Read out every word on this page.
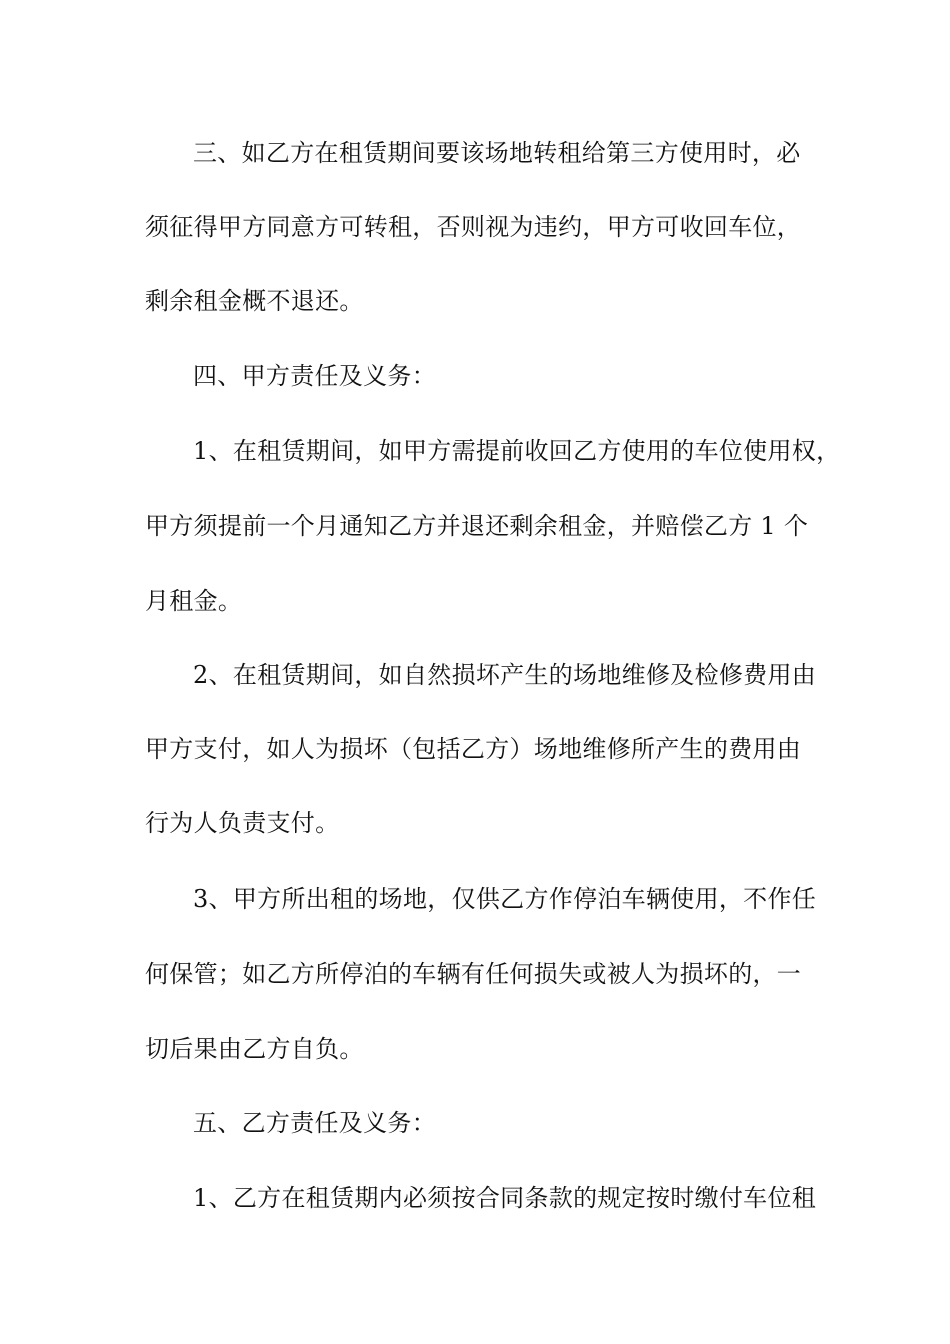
三、如乙方在租赁期间要该场地转租给第三方使用时，必
须征得甲方同意方可转租，否则视为违约，甲方可收回车位，
剩余租金概不退还。
四、甲方责任及义务：
1、在租赁期间，如甲方需提前收回乙方使用的车位使用权，
甲方须提前一个月通知乙方并退还剩余租金，并赔偿乙方 1 个
月租金。
2、在租赁期间，如自然损坏产生的场地维修及检修费用由
甲方支付，如人为损坏（包括乙方）场地维修所产生的费用由
行为人负责支付。
3、甲方所出租的场地，仅供乙方作停泊车辆使用，不作任
何保管；如乙方所停泊的车辆有任何损失或被人为损坏的，一
切后果由乙方自负。
五、乙方责任及义务：
1、乙方在租赁期内必须按合同条款的规定按时缴付车位租
